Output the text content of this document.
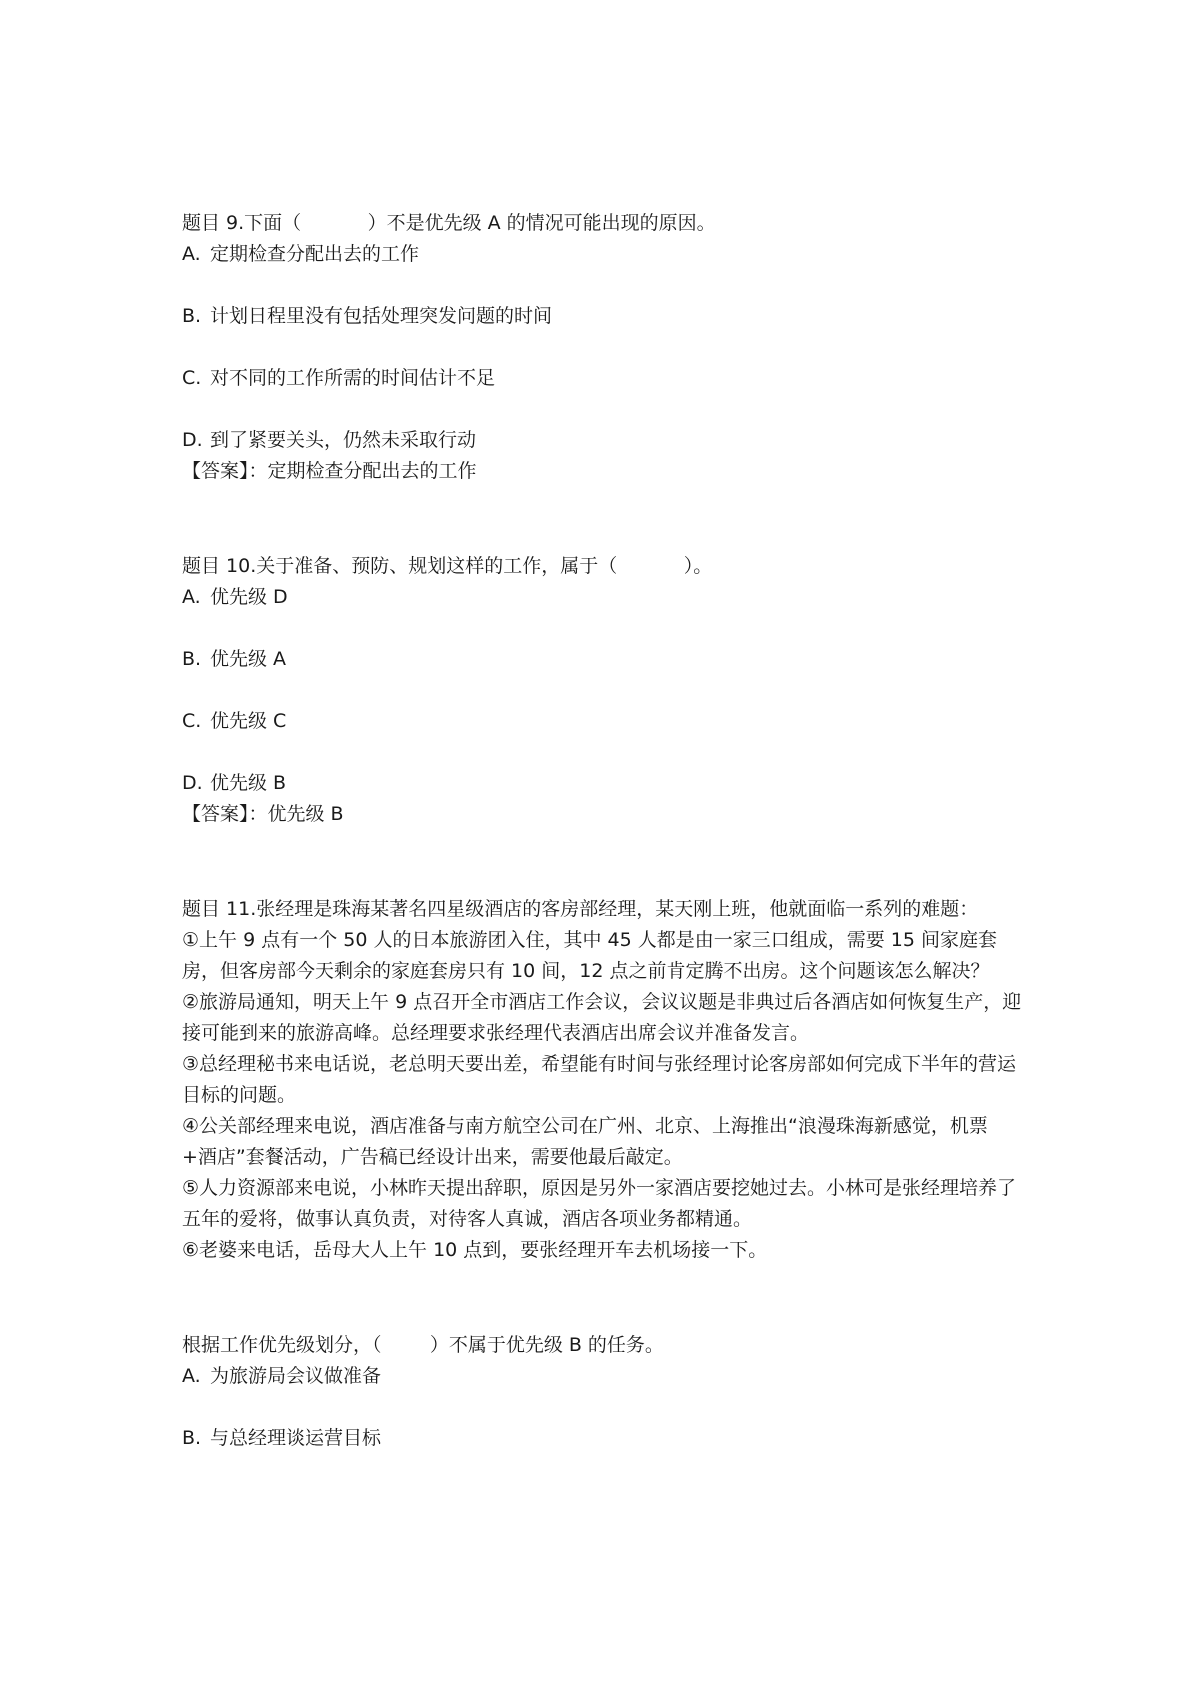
题目 9.下面（           ）不是优先级 A 的情况可能出现的原因。
A. 定期检查分配出去的工作
B. 计划日程里没有包括处理突发问题的时间
C. 对不同的工作所需的时间估计不足
D. 到了紧要关头，仍然未采取行动
【答案】：定期检查分配出去的工作
题目 10.关于准备、预防、规划这样的工作，属于（           ）。
A. 优先级 D
B. 优先级 A
C. 优先级 C
D. 优先级 B
【答案】：优先级 B
题目 11.张经理是珠海某著名四星级酒店的客房部经理，某天刚上班，他就面临一系列的难题：
①上午 9 点有一个 50 人的日本旅游团入住，其中 45 人都是由一家三口组成，需要 15 间家庭套房，但客房部今天剩余的家庭套房只有 10 间，12 点之前肯定腾不出房。这个问题该怎么解决？
②旅游局通知，明天上午 9 点召开全市酒店工作会议，会议议题是非典过后各酒店如何恢复生产，迎接可能到来的旅游高峰。总经理要求张经理代表酒店出席会议并准备发言。
③总经理秘书来电话说，老总明天要出差，希望能有时间与张经理讨论客房部如何完成下半年的营运目标的问题。
④公关部经理来电说，酒店准备与南方航空公司在广州、北京、上海推出“浪漫珠海新感觉，机票+酒店”套餐活动，广告稿已经设计出来，需要他最后敲定。
⑤人力资源部来电说，小林昨天提出辞职，原因是另外一家酒店要挖她过去。小林可是张经理培养了五年的爱将，做事认真负责，对待客人真诚，酒店各项业务都精通。
⑥老婆来电话，岳母大人上午 10 点到，要张经理开车去机场接一下。
根据工作优先级划分，（        ）不属于优先级 B 的任务。
A. 为旅游局会议做准备
B. 与总经理谈运营目标
